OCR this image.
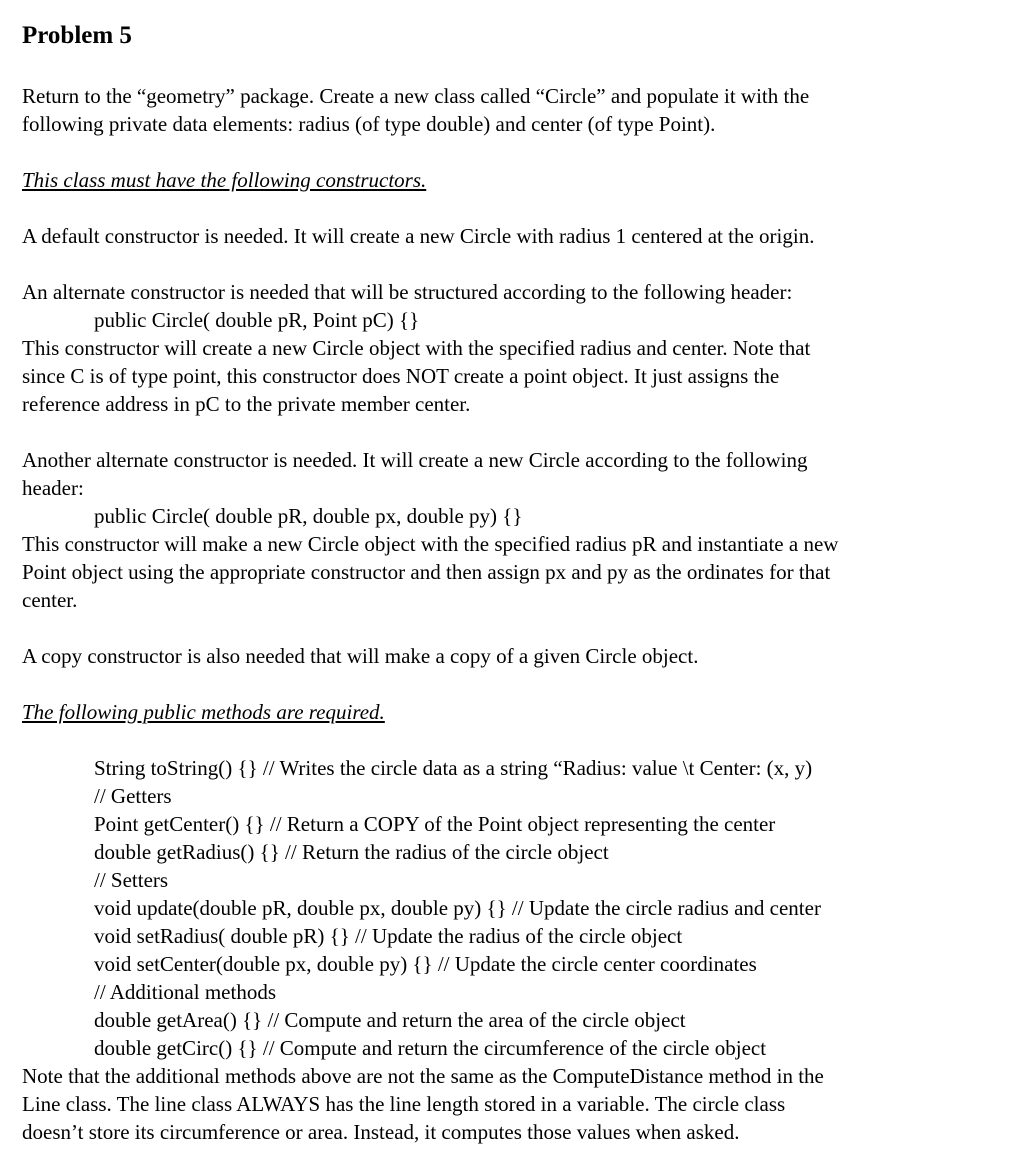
Problem 5

Return to the “geometry” package. Create a new class called “Circle” and populate it with the
following private data elements: radius (of type double) and center (of type Point).

This class must have the following constructors.

A default constructor is needed. It will create a new Circle with radius 1 centered at the origin.

An alternate constructor is needed that will be structured according to the following header:
public Circle( double pR, Point pC) {}
This constructor will create a new Circle object with the specified radius and center. Note that
since C is of type point, this constructor does NOT create a point object. It just assigns the
reference address in pC to the private member center.

Another alternate constructor is needed. It will create a new Circle according to the following
header:
public Circle( double pR, double px, double py) {}
This constructor will make a new Circle object with the specified radius pR and instantiate a new
Point object using the appropriate constructor and then assign px and py as the ordinates for that
center.

A copy constructor is also needed that will make a copy of a given Circle object.

The following public methods are required.

String toString() {} // Writes the circle data as a string “Radius: value \t Center: (x, y)
// Getters
Point getCenter() {} // Return a COPY of the Point object representing the center
double getRadius() {} // Return the radius of the circle object
// Setters
void update(double pR, double px, double py) {} // Update the circle radius and center
void setRadius( double pR) {} // Update the radius of the circle object
void setCenter(double px, double py) {} // Update the circle center coordinates
// Additional methods
double getArea() {} // Compute and return the area of the circle object
double getCirc() {} // Compute and return the circumference of the circle object
Note that the additional methods above are not the same as the ComputeDistance method in the
Line class. The line class ALWAYS has the line length stored in a variable. The circle class
doesn’t store its circumference or area. Instead, it computes those values when asked.
